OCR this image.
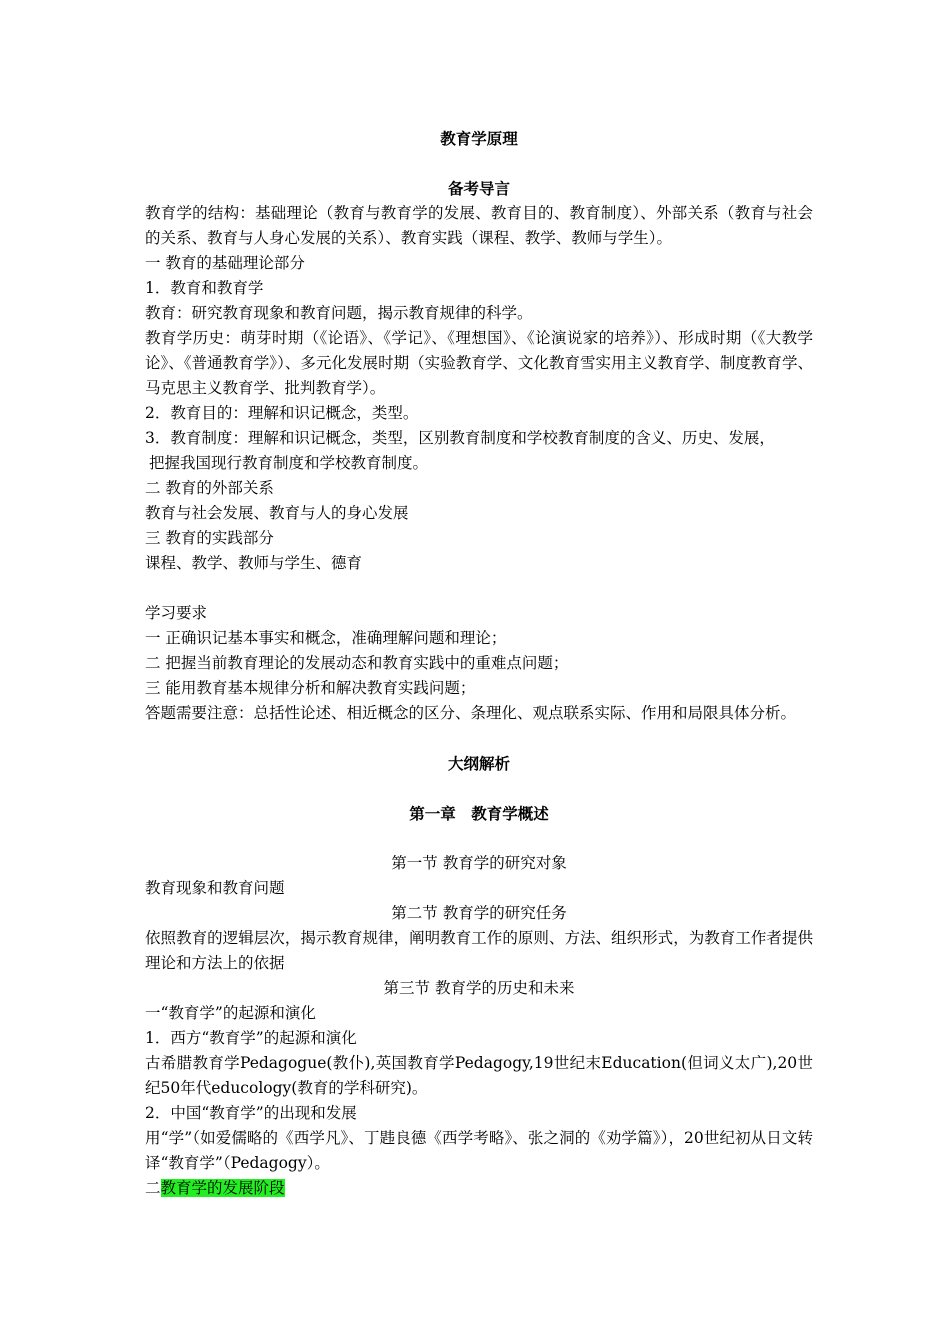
教育学原理
备考导言
教育学的结构：基础理论（教育与教育学的发展、教育目的、教育制度）、外部关系（教育与社会的关系、教育与人身心发展的关系）、教育实践（课程、教学、教师与学生）。
一 教育的基础理论部分
1．教育和教育学
教育：研究教育现象和教育问题，揭示教育规律的科学。
教育学历史：萌芽时期（《论语》、《学记》、《理想国》、《论演说家的培养》）、形成时期（《大教学论》、《普通教育学》）、多元化发展时期（实验教育学、文化教育雪实用主义教育学、制度教育学、马克思主义教育学、批判教育学）。
2．教育目的：理解和识记概念，类型。
3．教育制度：理解和识记概念，类型，区别教育制度和学校教育制度的含义、历史、发展，
把握我国现行教育制度和学校教育制度。
二 教育的外部关系
教育与社会发展、教育与人的身心发展
三 教育的实践部分
课程、教学、教师与学生、德育
学习要求
一 正确识记基本事实和概念，准确理解问题和理论；
二 把握当前教育理论的发展动态和教育实践中的重难点问题；
三 能用教育基本规律分析和解决教育实践问题；
答题需要注意：总括性论述、相近概念的区分、条理化、观点联系实际、作用和局限具体分析。
大纲解析
第一章　教育学概述
第一节 教育学的研究对象
教育现象和教育问题
第二节 教育学的研究任务
依照教育的逻辑层次，揭示教育规律，阐明教育工作的原则、方法、组织形式，为教育工作者提供理论和方法上的依据
第三节 教育学的历史和未来
一“教育学”的起源和演化
1．西方“教育学”的起源和演化
古希腊教育学Pedagogue(教仆),英国教育学Pedagogy,19世纪末Education(但词义太广),20世纪50年代educology(教育的学科研究)。
2．中国“教育学”的出现和发展
用“学”（如爱儒略的《西学凡》、丁韪良德《西学考略》、张之洞的《劝学篇》），20世纪初从日文转译“教育学”（Pedagogy）。
二教育学的发展阶段
